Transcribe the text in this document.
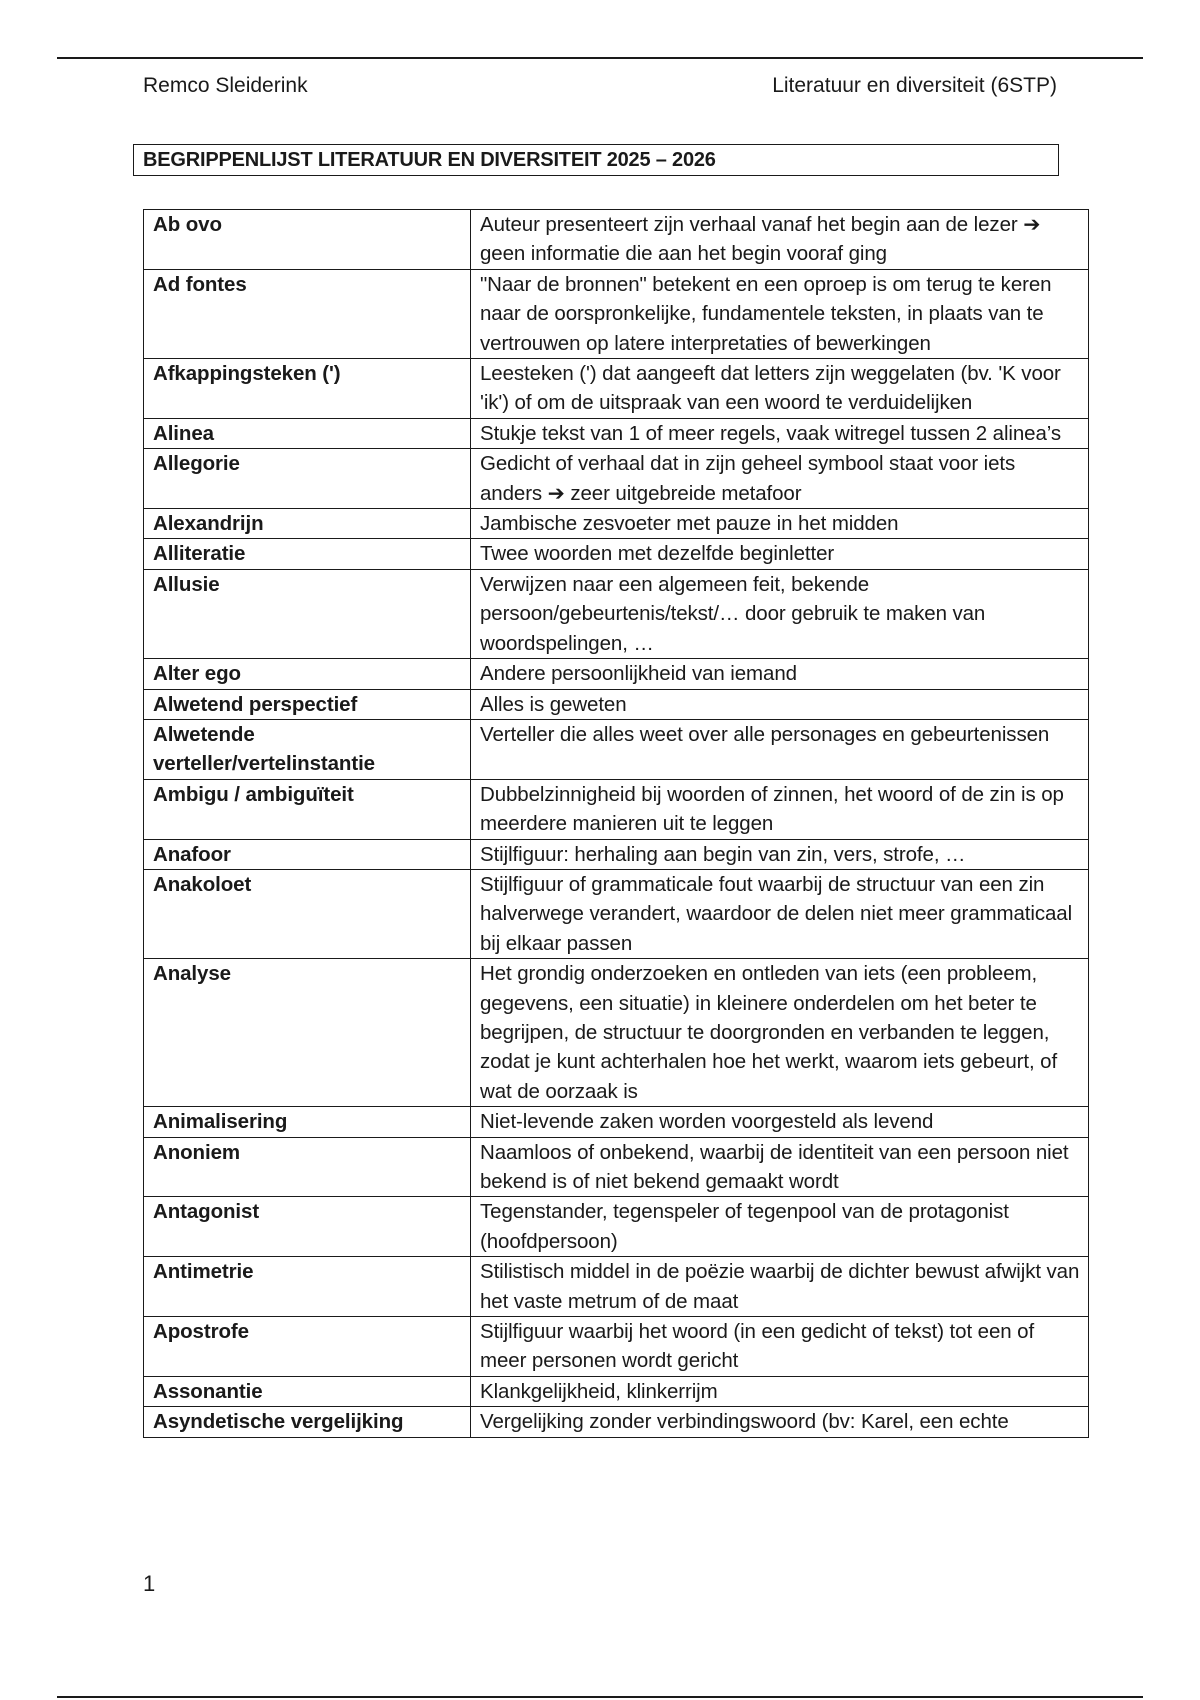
Remco Sleiderink	Literatuur en diversiteit (6STP)
BEGRIPPENLIJST LITERATUUR EN DIVERSITEIT 2025 – 2026
Ab ovo	Auteur presenteert zijn verhaal vanaf het begin aan de lezer ➔ geen informatie die aan het begin vooraf ging
Ad fontes	"Naar de bronnen" betekent en een oproep is om terug te keren naar de oorspronkelijke, fundamentele teksten, in plaats van te vertrouwen op latere interpretaties of bewerkingen
Afkappingsteken (')	Leesteken (') dat aangeeft dat letters zijn weggelaten (bv. 'K voor 'ik') of om de uitspraak van een woord te verduidelijken
Alinea	Stukje tekst van 1 of meer regels, vaak witregel tussen 2 alinea’s
Allegorie	Gedicht of verhaal dat in zijn geheel symbool staat voor iets anders ➔ zeer uitgebreide metafoor
Alexandrijn	Jambische zesvoeter met pauze in het midden
Alliteratie	Twee woorden met dezelfde beginletter
Allusie	Verwijzen naar een algemeen feit, bekende persoon/gebeurtenis/tekst/… door gebruik te maken van woordspelingen, …
Alter ego	Andere persoonlijkheid van iemand
Alwetend perspectief	Alles is geweten
Alwetende verteller/vertelinstantie	Verteller die alles weet over alle personages en gebeurtenissen
Ambigu / ambiguïteit	Dubbelzinnigheid bij woorden of zinnen, het woord of de zin is op meerdere manieren uit te leggen
Anafoor	Stijlfiguur: herhaling aan begin van zin, vers, strofe, …
Anakoloet	Stijlfiguur of grammaticale fout waarbij de structuur van een zin halverwege verandert, waardoor de delen niet meer grammaticaal bij elkaar passen
Analyse	Het grondig onderzoeken en ontleden van iets (een probleem, gegevens, een situatie) in kleinere onderdelen om het beter te begrijpen, de structuur te doorgronden en verbanden te leggen, zodat je kunt achterhalen hoe het werkt, waarom iets gebeurt, of wat de oorzaak is
Animalisering	Niet-levende zaken worden voorgesteld als levend
Anoniem	Naamloos of onbekend, waarbij de identiteit van een persoon niet bekend is of niet bekend gemaakt wordt
Antagonist	Tegenstander, tegenspeler of tegenpool van de protagonist (hoofdpersoon)
Antimetrie	Stilistisch middel in de poëzie waarbij de dichter bewust afwijkt van het vaste metrum of de maat
Apostrofe	Stijlfiguur waarbij het woord (in een gedicht of tekst) tot een of meer personen wordt gericht
Assonantie	Klankgelijkheid, klinkerrijm
Asyndetische vergelijking	Vergelijking zonder verbindingswoord (bv: Karel, een echte
1
